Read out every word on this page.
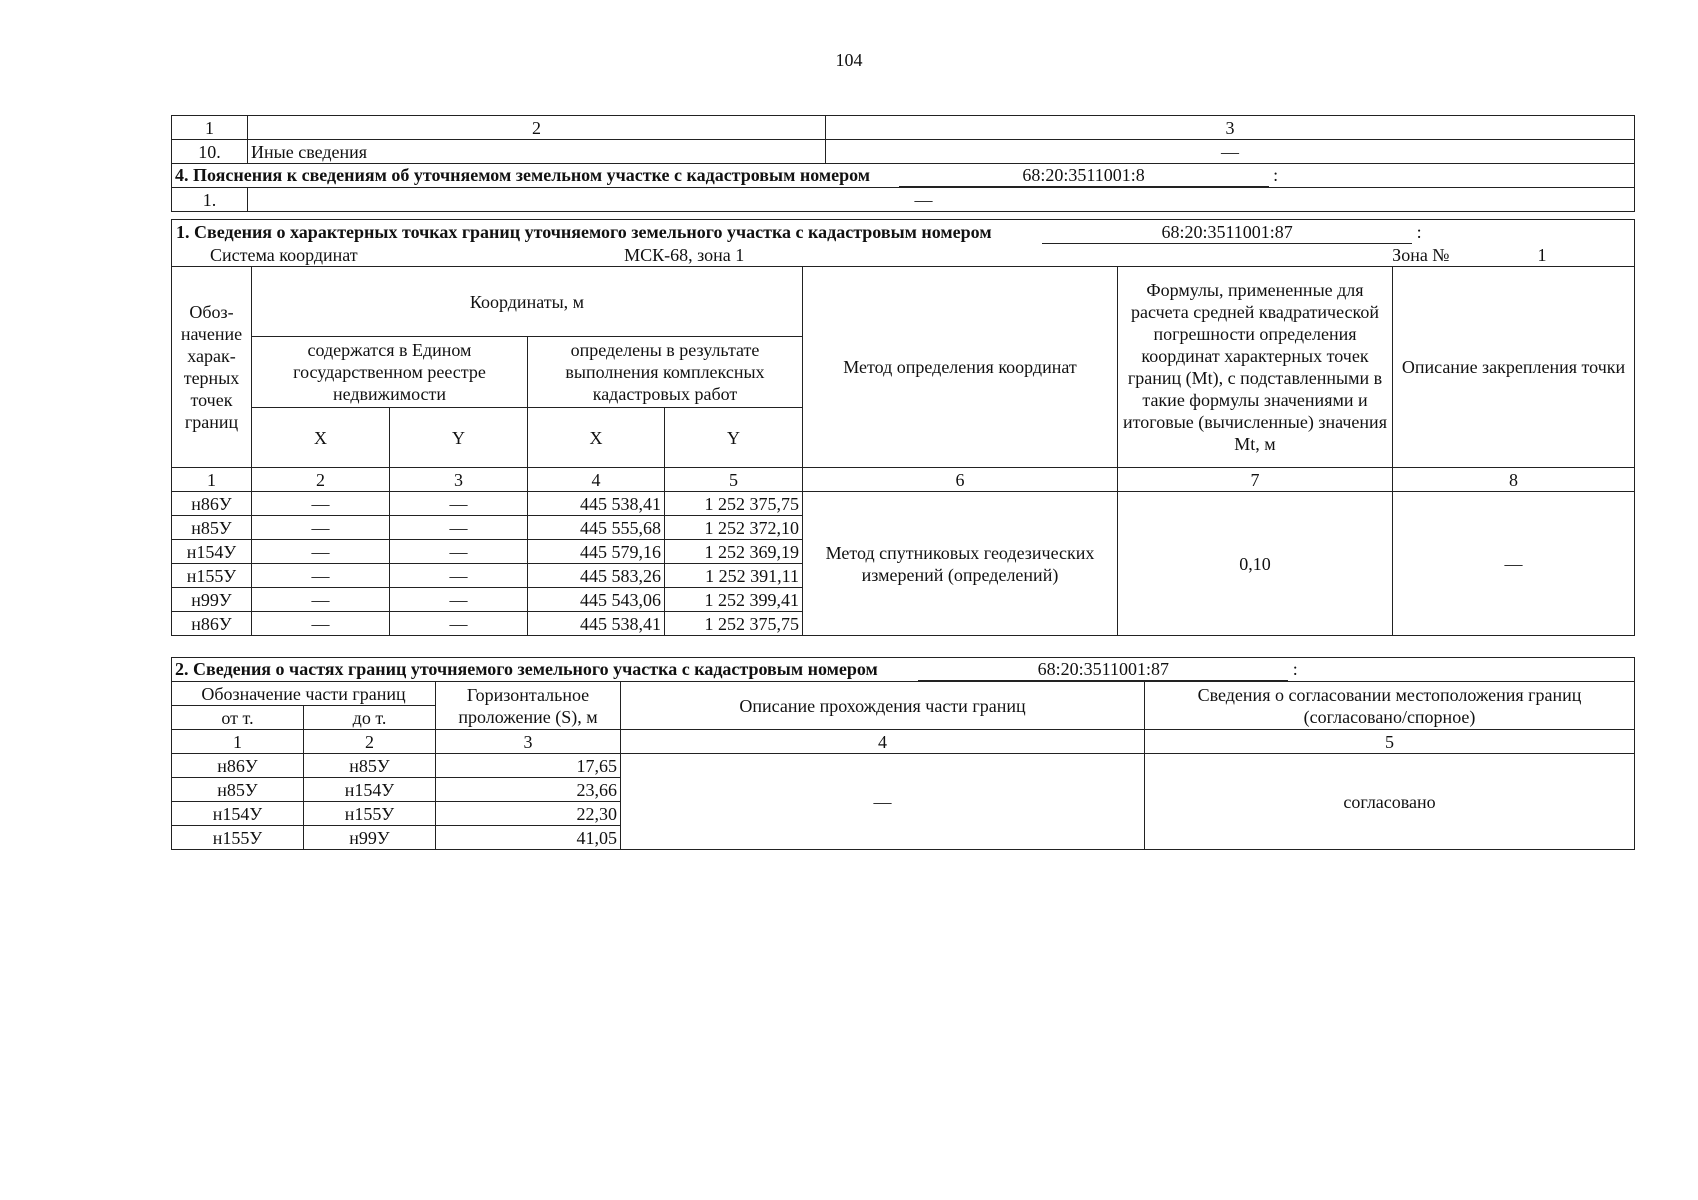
104
1	2	3
10.	Иные сведения	—
4. Пояснения к сведениям об уточняемом земельном участке с кадастровым номером 68:20:3511001:8 :		
1.	—	
1. Сведения о характерных точках границ уточняемого земельного участка с кадастровым номером 68:20:3511001:87 :
Система координат МСК-68, зона 1 Зона № 1							

Обоз-начение харак-терных точек границ	Координаты, м				Метод определения координат	Формулы, примененные для расчета средней квадратической погрешности определения координат характерных точек границ (Mt), с подставленными в такие формулы значениями и итоговые (вычисленные) значения Mt, м	Описание закрепления точки
	содержатся в Едином государственном реестре недвижимости		определены в результате выполнения комплексных кадастровых работ				
	X	Y	X	Y			
1	2	3	4	5	6	7	8
н86У	—	—	445 538,41	1 252 375,75	Метод спутниковых геодезических измерений (определений)	0,10	—
н85У	—	—	445 555,68	1 252 372,10			
н154У	—	—	445 579,16	1 252 369,19			
н155У	—	—	445 583,26	1 252 391,11			
н99У	—	—	445 543,06	1 252 399,41			
н86У	—	—	445 538,41	1 252 375,75			
2. Сведения о частях границ уточняемого земельного участка с кадастровым номером 68:20:3511001:87 :				
Обозначение части границ		Горизонтальное проложение (S), м	Описание прохождения части границ	Сведения о согласовании местоположения границ (согласовано/спорное)
от т.	до т.			
1	2	3	4	5
н86У	н85У	17,65	—	согласовано
н85У	н154У	23,66		
н154У	н155У	22,30		
н155У	н99У	41,05		
